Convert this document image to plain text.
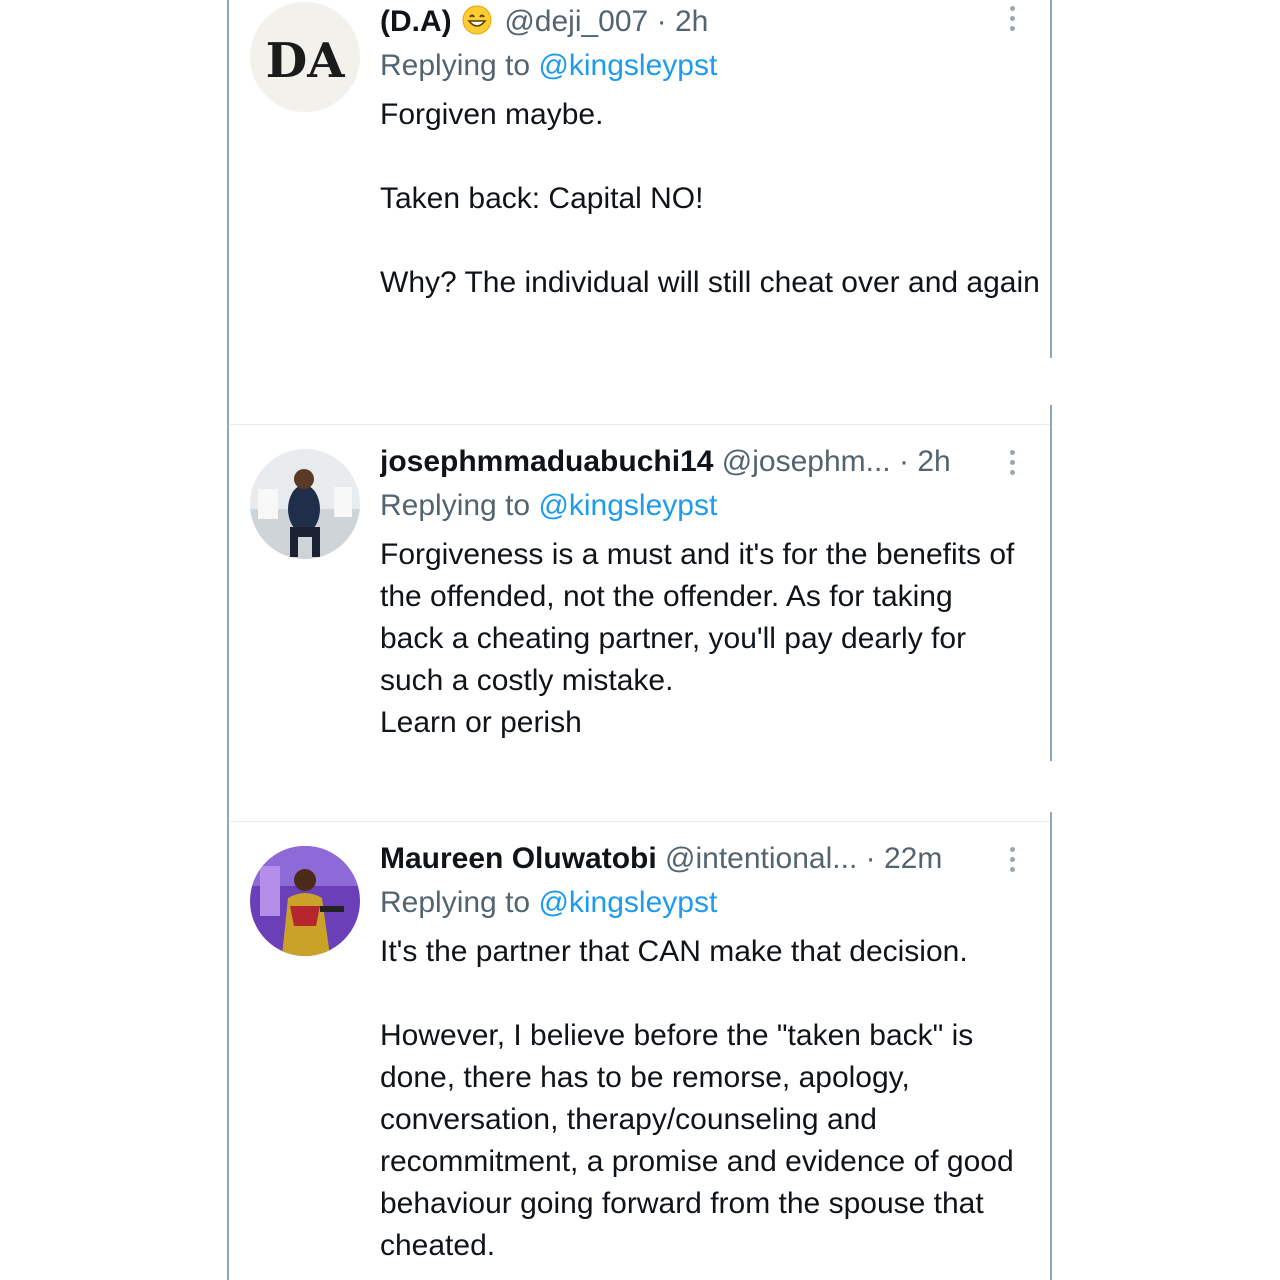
DA
(D.A) @deji_007 · 2h
Replying to @kingsleypst

Forgiven maybe.

Taken back: Capital NO!

Why? The individual will still cheat over and again

josephmmaduabuchi14 @josephm... · 2h
Replying to @kingsleypst

Forgiveness is a must and it's for the benefits of the offended, not the offender. As for taking back a cheating partner, you'll pay dearly for such a costly mistake.
Learn or perish

Maureen Oluwatobi @intentional... · 22m
Replying to @kingsleypst

It's the partner that CAN make that decision.

However, I believe before the "taken back" is done, there has to be remorse, apology, conversation, therapy/counseling and recommitment, a promise and evidence of good behaviour going forward from the spouse that cheated.
